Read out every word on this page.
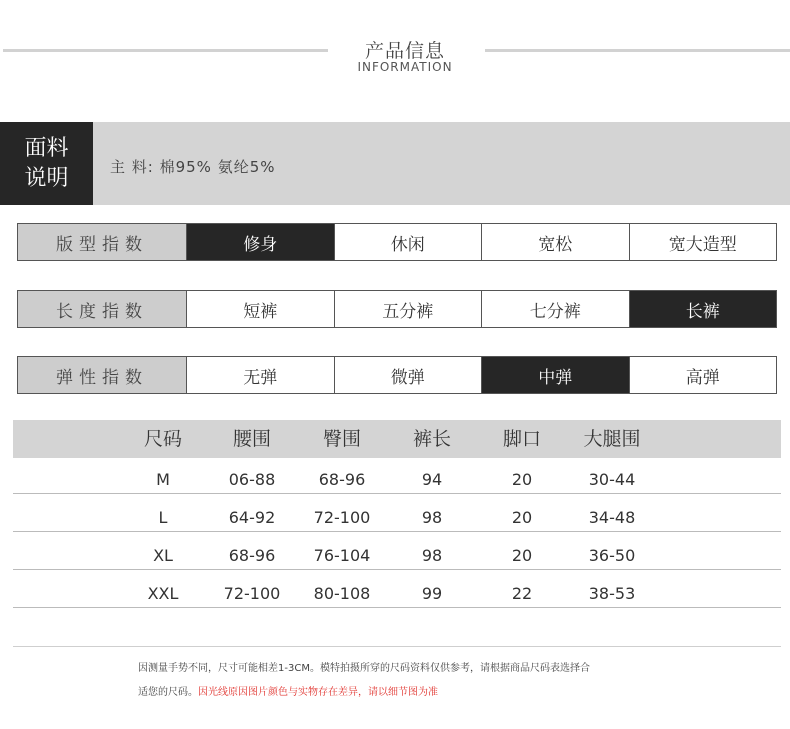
产品信息
INFORMATION
面料
说明	主 料: 棉95% 氨纶5%
版型指数	修身	休闲	宽松	宽大造型
长度指数	短裤	五分裤	七分裤	长裤
弹性指数	无弹	微弹	中弹	高弹
尺码	腰围	臀围	裤长	脚口	大腿围
M	06-88	68-96	94	20	30-44
L	64-92	72-100	98	20	34-48
XL	68-96	76-104	98	20	36-50
XXL	72-100	80-108	99	22	38-53
因测量手势不同，尺寸可能相差1-3CM。模特拍摄所穿的尺码资料仅供参考，请根据商品尺码表选择合
适您的尺码。因光线原因图片颜色与实物存在差异，请以细节图为准
